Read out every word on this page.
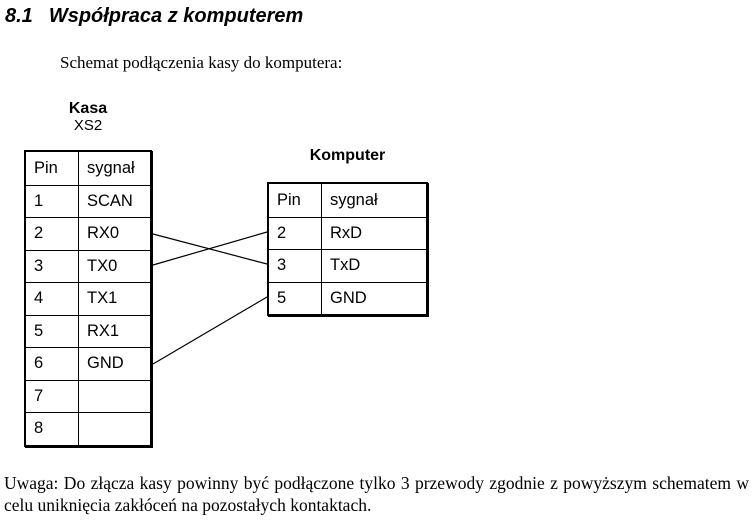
8.1 Współpraca z komputerem

Schemat podłączenia kasy do komputera:

Kasa
XS2
Pin	sygnał
1	SCAN
2	RX0
3	TX0
4	TX1
5	RX1
6	GND
7
8
Komputer
Pin	sygnał
2	RxD
3	TxD
5	GND

Uwaga: Do złącza kasy powinny być podłączone tylko 3 przewody zgodnie z powyższym schematem w celu uniknięcia zakłóceń na pozostałych kontaktach.
